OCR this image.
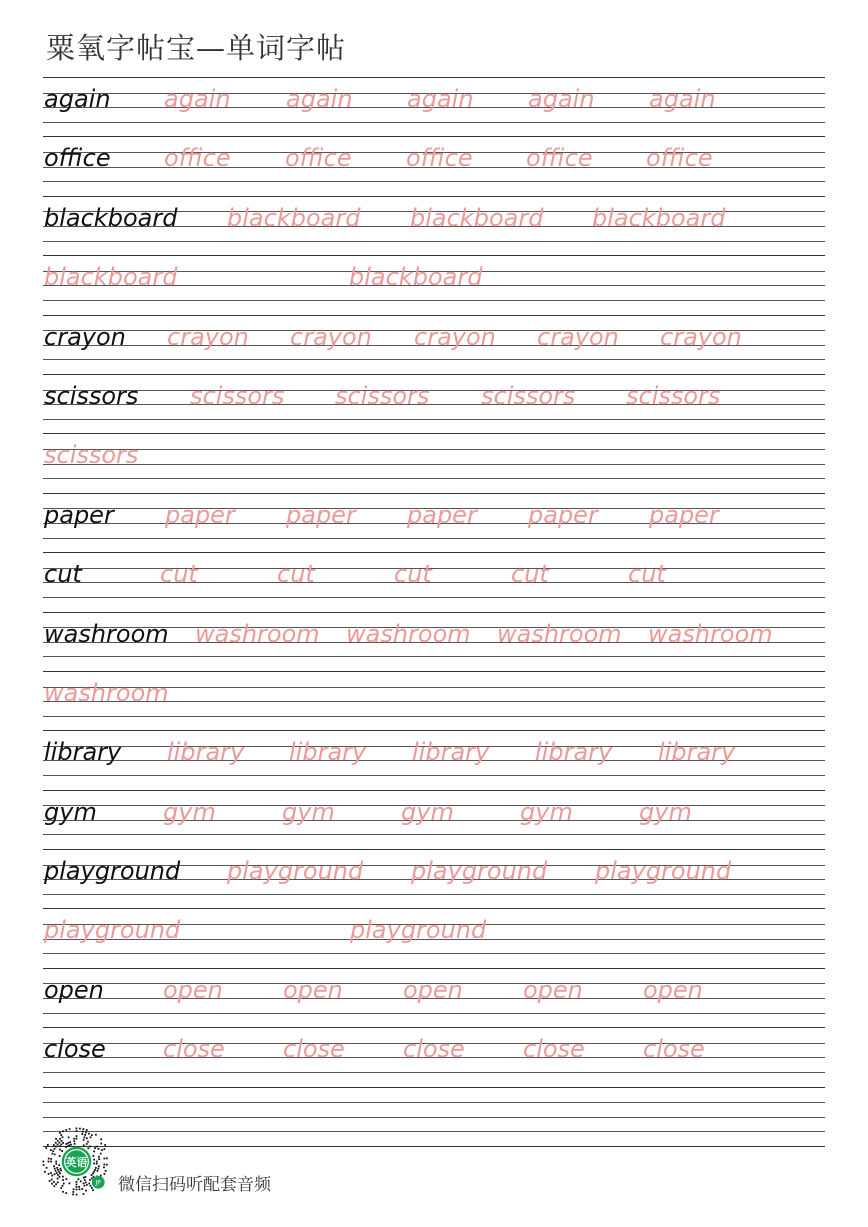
粟氧字帖宝—单词字帖
again again again again again again
office office office office office office
blackboard blackboard blackboard blackboard
blackboard	blackboard
crayon crayon crayon crayon crayon crayon
scissors scissors scissors scissors scissors
scissors
paper paper paper paper paper paper
cut	cut	cut	cut	cut	cut
washroom washroom washroom washroom washroom
washroom
library library library library library library
gym	gym	gym	gym	gym	gym
playground playground playground playground
playground	playground
open open	open	open	open	open
close close close close close close
英语
JP 微信扫码听配套音频
